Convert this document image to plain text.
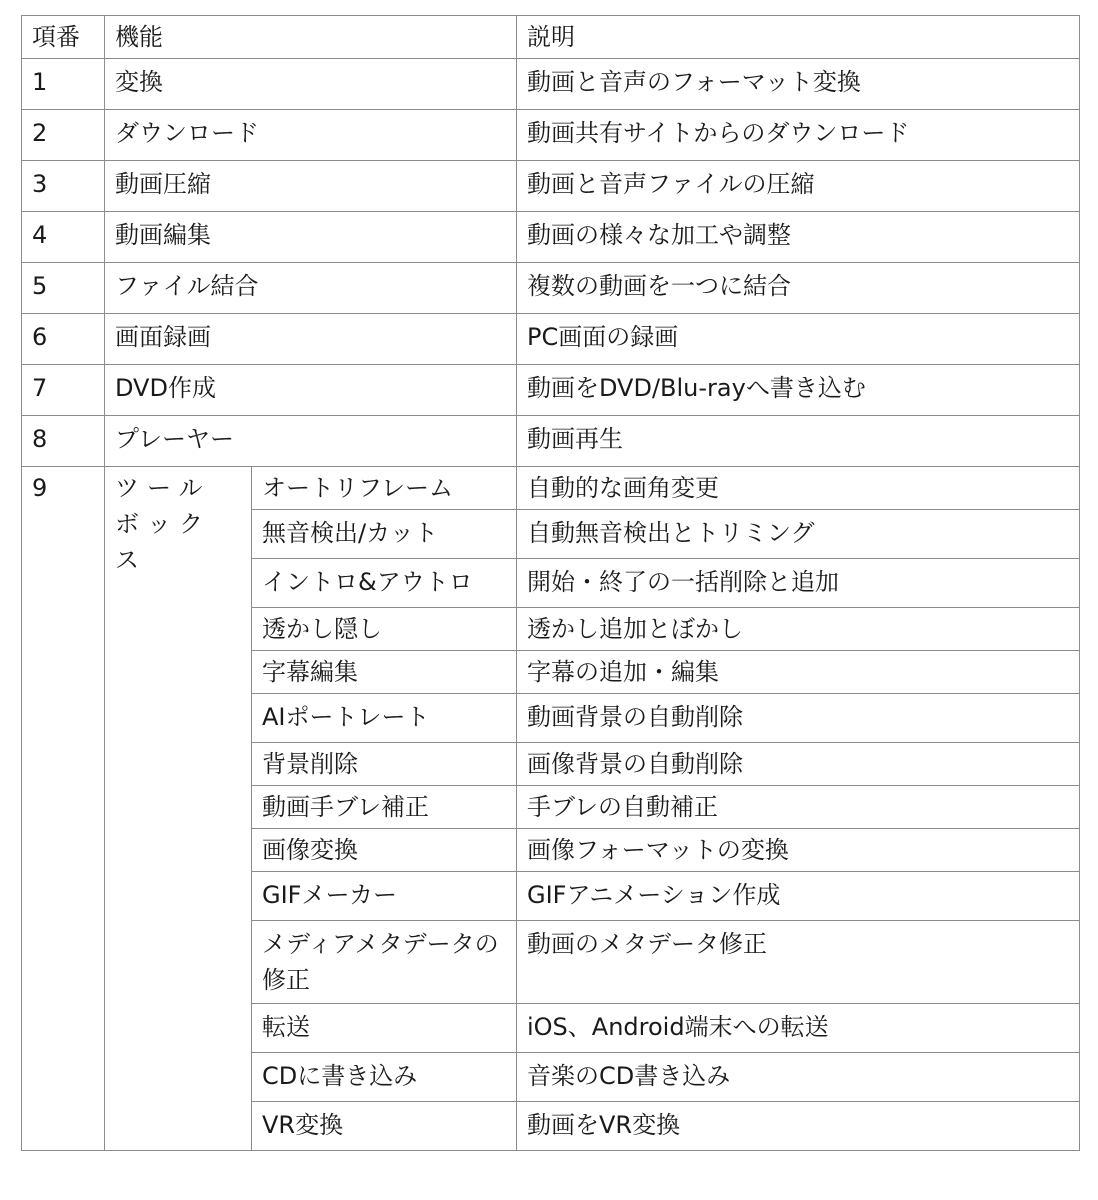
項番	機能		説明
1	変換		動画と音声のフォーマット変換
2	ダウンロード		動画共有サイトからのダウンロード
3	動画圧縮		動画と音声ファイルの圧縮
4	動画編集		動画の様々な加工や調整
5	ファイル結合		複数の動画を一つに結合
6	画面録画		PC画面の録画
7	DVD作成		動画をDVD/Blu-rayへ書き込む
8	プレーヤー		動画再生
9	ツールボックス	オートリフレーム	自動的な画角変更
		無音検出/カット	自動無音検出とトリミング
		イントロ&アウトロ	開始・終了の一括削除と追加
		透かし隠し	透かし追加とぼかし
		字幕編集	字幕の追加・編集
		AIポートレート	動画背景の自動削除
		背景削除	画像背景の自動削除
		動画手ブレ補正	手ブレの自動補正
		画像変換	画像フォーマットの変換
		GIFメーカー	GIFアニメーション作成
		メディアメタデータの修正	動画のメタデータ修正
		転送	iOS、Android端末への転送
		CDに書き込み	音楽のCD書き込み
		VR変換	動画をVR変換
